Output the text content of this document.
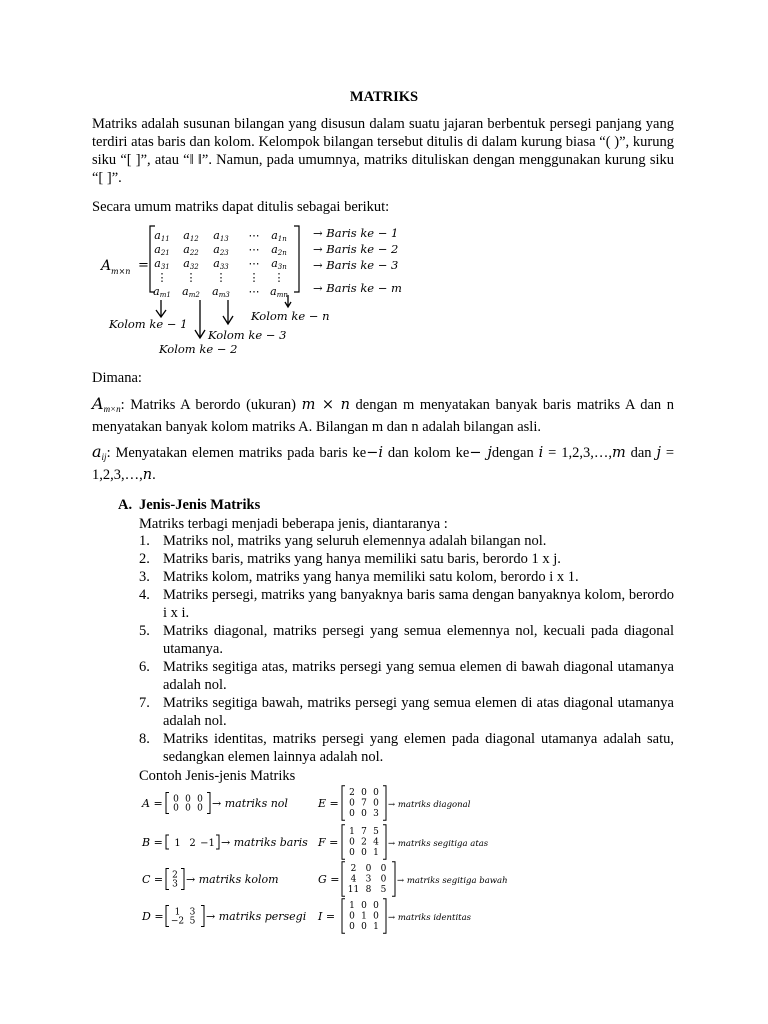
MATRIKS
Matriks adalah susunan bilangan yang disusun dalam suatu jajaran berbentuk persegi panjang yang terdiri atas baris dan kolom. Kelompok bilangan tersebut ditulis di dalam kurung biasa “( )”, kurung siku “[ ]”, atau “‖ ‖”. Namun, pada umumnya, matriks dituliskan dengan menggunakan kurung siku “[ ]”.
Secara umum matriks dapat ditulis sebagai berikut:
A m×n =
a11 a12 a13 ⋯ a1n
a21 a22 a23 ⋯ a2n
a31 a32 a33 ⋯ a3n
⋮ ⋮ ⋮ ⋮ ⋮
am1 am2 am3 ⋯ amn
→ Baris ke − 1
→ Baris ke − 2
→ Baris ke − 3
→ Baris ke − m
Kolom ke − 1
Kolom ke − 2
Kolom ke − 3
Kolom ke − n
Dimana:
$A_{m\times n}$: Matriks A berordo (ukuran) m × n dengan m menyatakan banyak baris matriks A dan n menyatakan banyak kolom matriks A. Bilangan m dan n adalah bilangan asli.
$a_{ij}$: Menyatakan elemen matriks pada baris ke−i dan kolom ke− jdengan i = 1,2,3,…,m dan j = 1,2,3,…,n.
A. Jenis-Jenis Matriks
Matriks terbagi menjadi beberapa jenis, diantaranya :
1. Matriks nol, matriks yang seluruh elemennya adalah bilangan nol.
2. Matriks baris, matriks yang hanya memiliki satu baris, berordo 1 x j.
3. Matriks kolom, matriks yang hanya memiliki satu kolom, berordo i x 1.
4. Matriks persegi, matriks yang banyaknya baris sama dengan banyaknya kolom, berordo i x i.
5. Matriks diagonal, matriks persegi yang semua elemennya nol, kecuali pada diagonal utamanya.
6. Matriks segitiga atas, matriks persegi yang semua elemen di bawah diagonal utamanya adalah nol.
7. Matriks segitiga bawah, matriks persegi yang semua elemen di atas diagonal utamanya adalah nol.
8. Matriks identitas, matriks persegi yang elemen pada diagonal utamanya adalah satu, sedangkan elemen lainnya adalah nol.
Contoh Jenis-jenis Matriks
A = 0 0 0
0 0 0 → matriks nol
B = 1 2 −1 → matriks baris
C = 2
3 → matriks kolom
D = 1 3
−2 5 → matriks persegi
E =
2 0 0
0 7 0
0 0 3
→ matriks diagonal
F =
1 7 5
0 2 4
0 0 1
→ matriks segitiga atas
G =
2 0 0
4 3 0
11 8 5
→ matriks segitiga bawah
I =
1 0 0
0 1 0
0 0 1
→ matriks identitas
